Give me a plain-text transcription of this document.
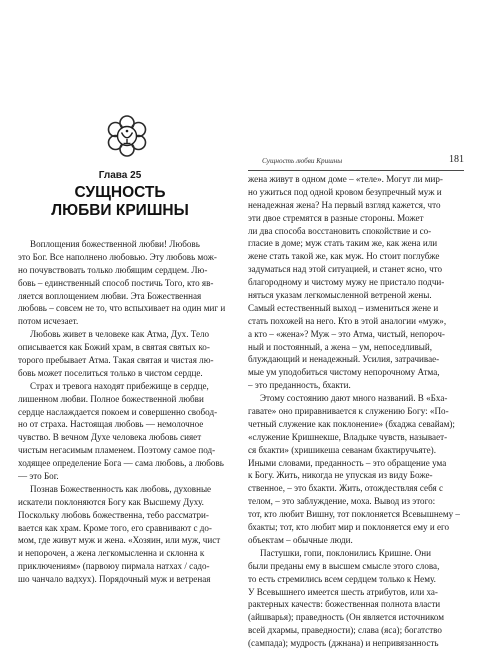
Глава 25
СУЩНОСТЬ
ЛЮБВИ КРИШНЫ
Воплощения божественной любви! Любовь
это Бог. Все наполнено любовью. Эту любовь мож-
но почувствовать только любящим сердцем. Лю-
бовь – единственный способ постичь Того, кто яв-
ляется воплощением любви. Эта Божественная
любовь – совсем не то, что вспыхивает на один миг и
потом исчезает.
Любовь живет в человеке как Атма, Дух. Тело
описывается как Божий храм, в святая святых ко-
торого пребывает Атма. Такая святая и чистая лю-
бовь может поселиться только в чистом сердце.
Страх и тревога находят прибежище в сердце,
лишенном любви. Полное божественной любви
сердце наслаждается покоем и совершенно свобод-
но от страха. Настоящая любовь — немолочное
чувство. В вечном Духе человека любовь сияет
чистым негасимым пламенем. Поэтому самое под-
ходящее определение Бога — сама любовь, а любовь
— это Бог.
Познав Божественность как любовь, духовные
искатели поклоняются Богу как Высшему Духу.
Поскольку любовь божественна, тебо рассматри-
вается как храм. Кроме того, его сравнивают с до-
мом, где живут муж и жена. «Хозяин, или муж, чист
и непорочен, а жена легкомысленна и склонна к
приключениям» (парвоюу пирмала натхах / садо-
шо чанчало вадхух). Порядочный муж и ветреная
Сущность любви Кришны	181
жена живут в одном доме – «теле». Могут ли мир-
но ужиться под одной кровом безупречный муж и
ненадежная жена? На первый взгляд кажется, что
эти двое стремятся в разные стороны. Может
ли два способа восстановить спокойствие и со-
гласие в доме; муж стать таким же, как жена или
жене стать такой же, как муж. Но стоит поглубже
задуматься над этой ситуацией, и станет ясно, что
благородному и чистому мужу не пристало подчи-
няться указам легкомысленной ветреной жены.
Самый естественный выход – измениться жене и
стать похожей на него. Кто в этой аналогии «муж»,
а кто – «жена»? Муж – это Атма, чистый, непороч-
ный и постоянный, а жена – ум, непоседливый,
блуждающий и ненадежный. Усилия, затрачивае-
мые ум уподобиться чистому непорочному Атма,
– это преданность, бхакти.
Этому состоянию дают много названий. В «Бха-
гавате» оно приравнивается к служению Богу: «По-
четный служение как поклонение» (бхаджа севайам);
«служение Кришнекше, Владыке чувств, называет-
ся бхакти» (хришикеша севанам бхактиручьяте).
Иными словами, преданность – это обращение ума
к Богу. Жить, никогда не упуская из виду Боже-
ственное, – это бхакти. Жить, отождествляя себя с
телом, – это заблуждение, моха. Вывод из этого:
тот, кто любит Вишну, тот поклоняется Всевышнему –
бхакты; тот, кто любит мир и поклоняется ему и его
объектам – обычные люди.
Пастушки, гопи, поклонились Кришне. Они
были преданы ему в высшем смысле этого слова,
то есть стремились всем сердцем только к Нему.
У Всевышнего имеется шесть атрибутов, или ха-
рактерных качеств: божественная полнота власти
(айшварья); праведность (Он является источником
всей дхармы, праведности); слава (яса); богатство
(сампада); мудрость (джнана) и непривязанность
